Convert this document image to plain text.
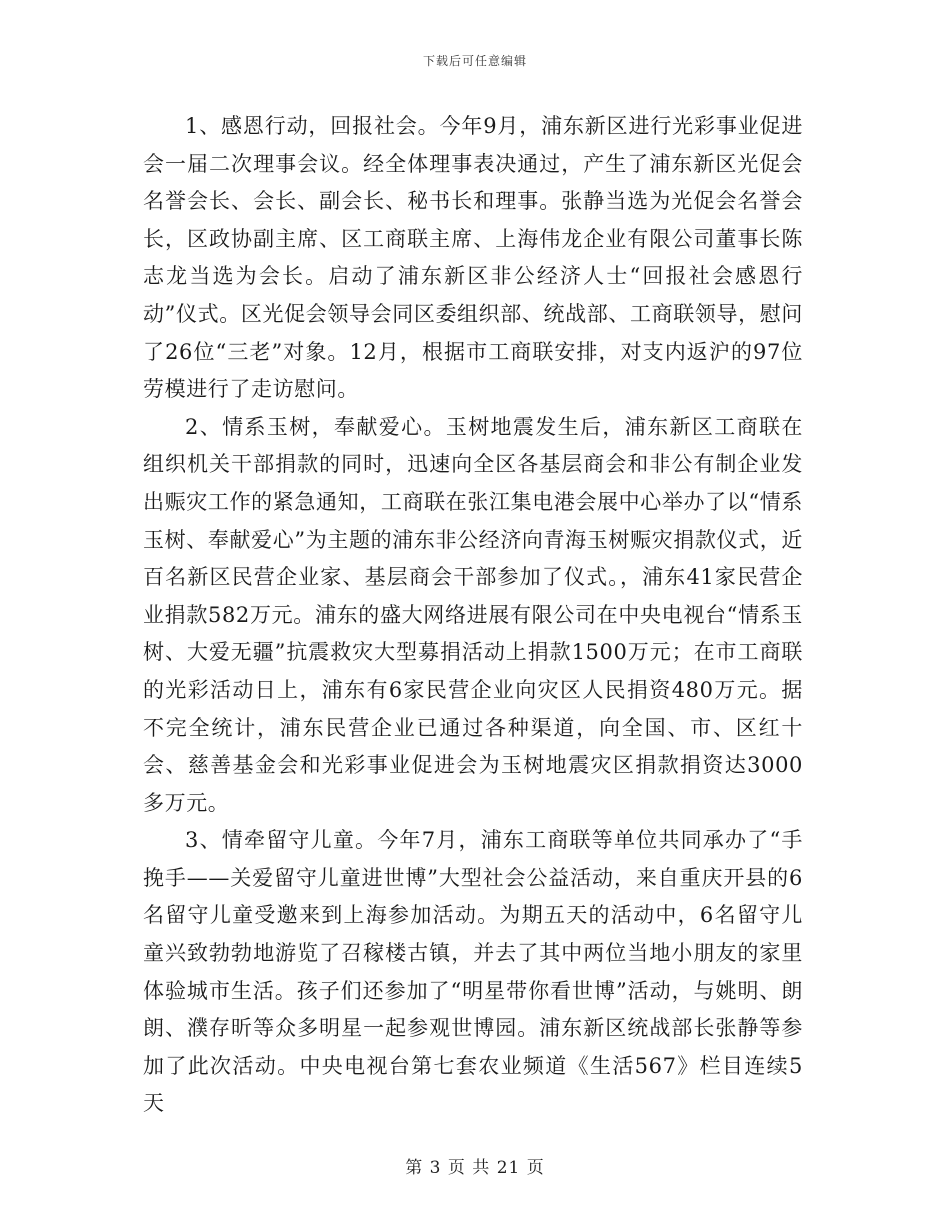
下载后可任意编辑

1、感恩行动，回报社会。今年9月，浦东新区进行光彩事业促进会一届二次理事会议。经全体理事表决通过，产生了浦东新区光促会名誉会长、会长、副会长、秘书长和理事。张静当选为光促会名誉会长，区政协副主席、区工商联主席、上海伟龙企业有限公司董事长陈志龙当选为会长。启动了浦东新区非公经济人士“回报社会感恩行动”仪式。区光促会领导会同区委组织部、统战部、工商联领导，慰问了26位“三老”对象。12月，根据市工商联安排，对支内返沪的97位劳模进行了走访慰问。

2、情系玉树，奉献爱心。玉树地震发生后，浦东新区工商联在组织机关干部捐款的同时，迅速向全区各基层商会和非公有制企业发出赈灾工作的紧急通知，工商联在张江集电港会展中心举办了以“情系玉树、奉献爱心”为主题的浦东非公经济向青海玉树赈灾捐款仪式，近百名新区民营企业家、基层商会干部参加了仪式。，浦东41家民营企业捐款582万元。浦东的盛大网络进展有限公司在中央电视台“情系玉树、大爱无疆”抗震救灾大型募捐活动上捐款1500万元；在市工商联的光彩活动日上，浦东有6家民营企业向灾区人民捐资480万元。据不完全统计，浦东民营企业已通过各种渠道，向全国、市、区红十会、慈善基金会和光彩事业促进会为玉树地震灾区捐款捐资达3000多万元。

3、情牵留守儿童。今年7月，浦东工商联等单位共同承办了“手挽手——关爱留守儿童进世博”大型社会公益活动，来自重庆开县的6名留守儿童受邀来到上海参加活动。为期五天的活动中，6名留守儿童兴致勃勃地游览了召稼楼古镇，并去了其中两位当地小朋友的家里体验城市生活。孩子们还参加了“明星带你看世博”活动，与姚明、朗朗、濮存昕等众多明星一起参观世博园。浦东新区统战部长张静等参加了此次活动。中央电视台第七套农业频道《生活567》栏目连续5天

第 3 页 共 21 页
